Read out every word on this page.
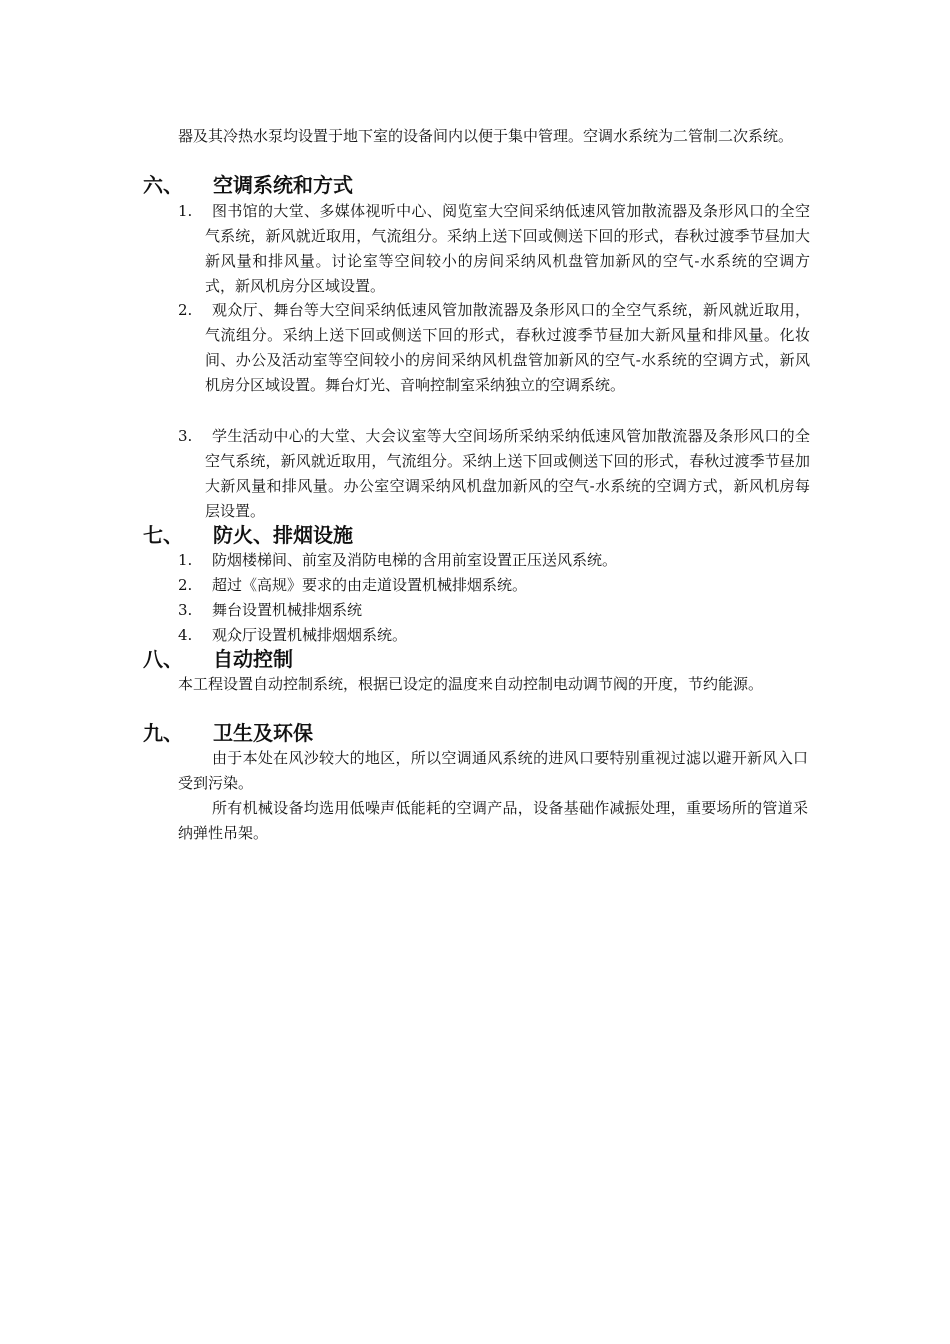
器及其冷热水泵均设置于地下室的设备间内以便于集中管理。空调水系统为二管制二次系统。
六、 空调系统和方式
1.	图书馆的大堂、多媒体视听中心、阅览室大空间采纳低速风管加散流器及条形风口的全空气系统，新风就近取用，气流组分。采纳上送下回或侧送下回的形式，春秋过渡季节昼加大新风量和排风量。讨论室等空间较小的房间采纳风机盘管加新风的空气-水系统的空调方式，新风机房分区域设置。
2.	观众厅、舞台等大空间采纳低速风管加散流器及条形风口的全空气系统，新风就近取用，气流组分。采纳上送下回或侧送下回的形式，春秋过渡季节昼加大新风量和排风量。化妆间、办公及活动室等空间较小的房间采纳风机盘管加新风的空气-水系统的空调方式，新风机房分区域设置。舞台灯光、音响控制室采纳独立的空调系统。
3.	学生活动中心的大堂、大会议室等大空间场所采纳采纳低速风管加散流器及条形风口的全空气系统，新风就近取用，气流组分。采纳上送下回或侧送下回的形式，春秋过渡季节昼加大新风量和排风量。办公室空调采纳风机盘加新风的空气-水系统的空调方式，新风机房每层设置。
七、 防火、排烟设施
1.	防烟楼梯间、前室及消防电梯的含用前室设置正压送风系统。
2.	超过《高规》要求的由走道设置机械排烟系统。
3.	舞台设置机械排烟系统
4.	观众厅设置机械排烟烟系统。
八、 自动控制
本工程设置自动控制系统，根据已设定的温度来自动控制电动调节阀的开度，节约能源。
九、 卫生及环保
由于本处在风沙较大的地区，所以空调通风系统的进风口要特别重视过滤以避开新风入口受到污染。
所有机械设备均选用低噪声低能耗的空调产品，设备基础作减振处理，重要场所的管道采纳弹性吊架。
